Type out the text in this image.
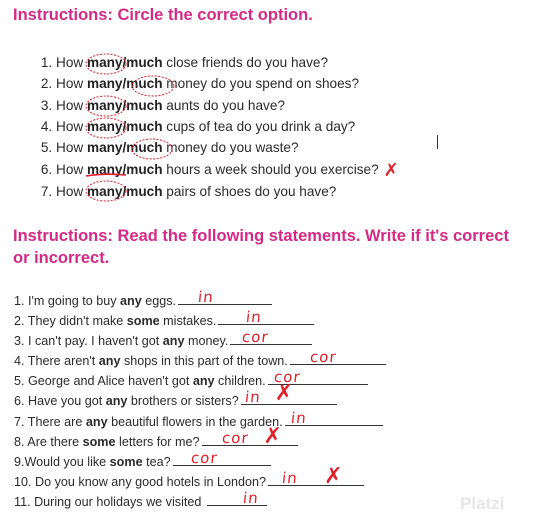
Instructions: Circle the correct option.
1. How many/much close friends do you have?
2. How many/much money do you spend on shoes?
3. How many/much aunts do you have?
4. How many/much cups of tea do you drink a day?
5. How many/much money do you waste?
6. How many/much hours a week should you exercise? ✗
7. How many/much pairs of shoes do you have?
Instructions: Read the following statements. Write if it's correct or incorrect.
1. I'm going to buy any eggs. in
2. They didn't make some mistakes. in
3. I can't pay. I haven't got any money. cor
4. There aren't any shops in this part of the town. cor
5. George and Alice haven't got any children. cor
6. Have you got any brothers or sisters? in ✗
7. There are any beautiful flowers in the garden. in
8. Are there some letters for me? cor ✗
9.Would you like some tea? cor
10. Do you know any good hotels in London? in ✗
11. During our holidays we visited in	Platzi
